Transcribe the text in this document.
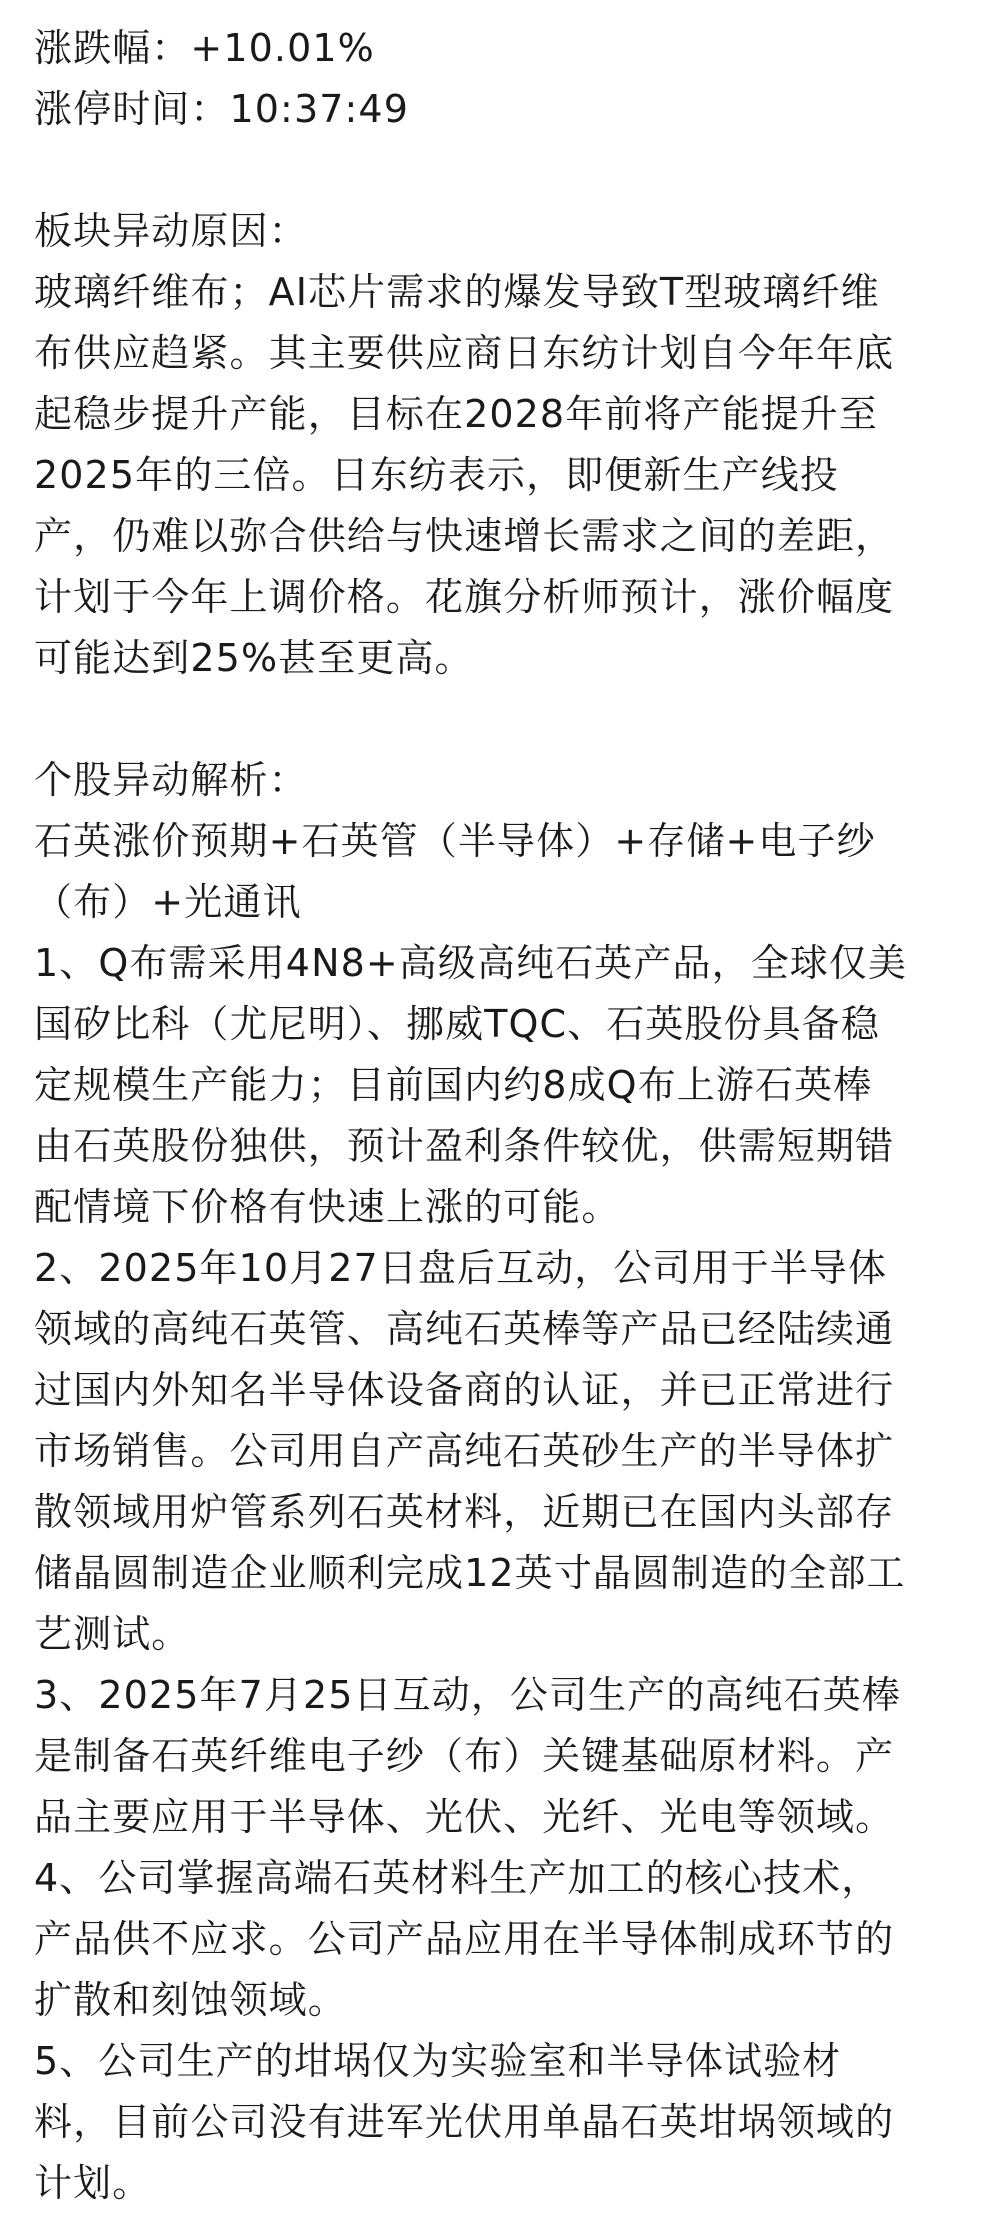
涨跌幅：+10.01%
涨停时间：10:37:49
板块异动原因：
玻璃纤维布；AI芯片需求的爆发导致T型玻璃纤维
布供应趋紧。其主要供应商日东纺计划自今年年底
起稳步提升产能，目标在2028年前将产能提升至
2025年的三倍。日东纺表示，即便新生产线投
产，仍难以弥合供给与快速增长需求之间的差距，
计划于今年上调价格。花旗分析师预计，涨价幅度
可能达到25%甚至更高。
个股异动解析：
石英涨价预期+石英管（半导体）+存储+电子纱
（布）+光通讯
1、Q布需采用4N8+高级高纯石英产品，全球仅美
国矽比科（尤尼明）、挪威TQC、石英股份具备稳
定规模生产能力；目前国内约8成Q布上游石英棒
由石英股份独供，预计盈利条件较优，供需短期错
配情境下价格有快速上涨的可能。
2、2025年10月27日盘后互动，公司用于半导体
领域的高纯石英管、高纯石英棒等产品已经陆续通
过国内外知名半导体设备商的认证，并已正常进行
市场销售。公司用自产高纯石英砂生产的半导体扩
散领域用炉管系列石英材料，近期已在国内头部存
储晶圆制造企业顺利完成12英寸晶圆制造的全部工
艺测试。
3、2025年7月25日互动，公司生产的高纯石英棒
是制备石英纤维电子纱（布）关键基础原材料。产
品主要应用于半导体、光伏、光纤、光电等领域。
4、公司掌握高端石英材料生产加工的核心技术，
产品供不应求。公司产品应用在半导体制成环节的
扩散和刻蚀领域。
5、公司生产的坩埚仅为实验室和半导体试验材
料，目前公司没有进军光伏用单晶石英坩埚领域的
计划。
